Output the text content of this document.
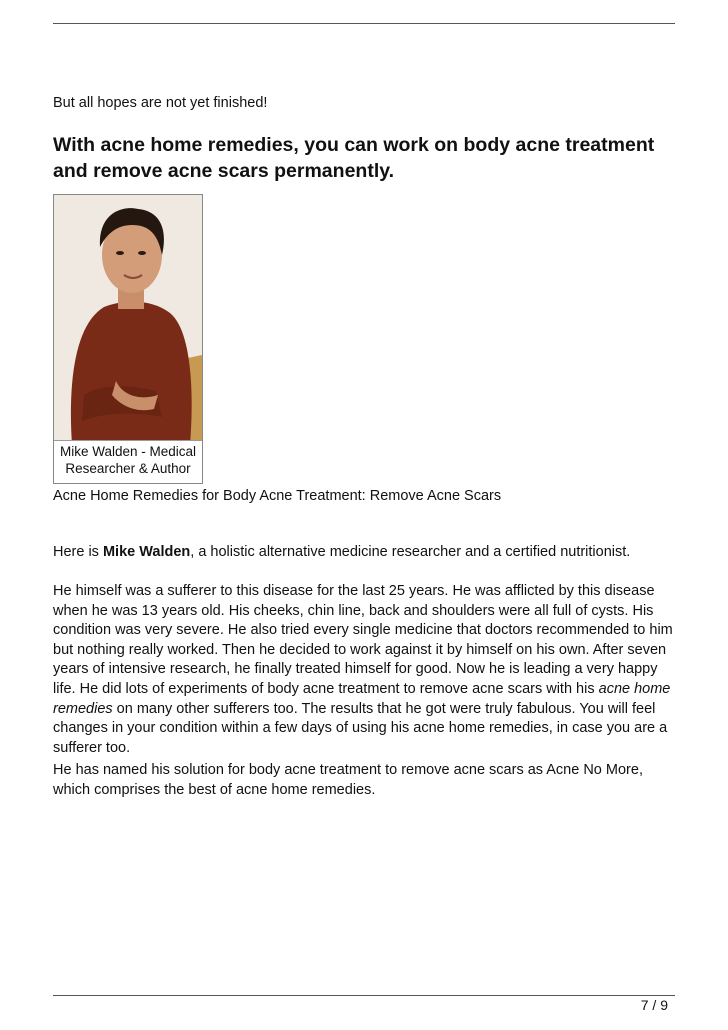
But all hopes are not yet finished!
With acne home remedies, you can work on body acne treatment and remove acne scars permanently.
Mike Walden - Medical
Researcher & Author
Acne Home Remedies for Body Acne Treatment: Remove Acne Scars
Here is Mike Walden, a holistic alternative medicine researcher and a certified nutritionist.
He himself was a sufferer to this disease for the last 25 years. He was afflicted by this disease when he was 13 years old. His cheeks, chin line, back and shoulders were all full of cysts. His condition was very severe. He also tried every single medicine that doctors recommended to him but nothing really worked. Then he decided to work against it by himself on his own. After seven years of intensive research, he finally treated himself for good. Now he is leading a very happy life. He did lots of experiments of body acne treatment to remove acne scars with his acne home remedies on many other sufferers too. The results that he got were truly fabulous. You will feel changes in your condition within a few days of using his acne home remedies, in case you are a sufferer too.
He has named his solution for body acne treatment to remove acne scars as Acne No More, which comprises the best of acne home remedies.
7 / 9
